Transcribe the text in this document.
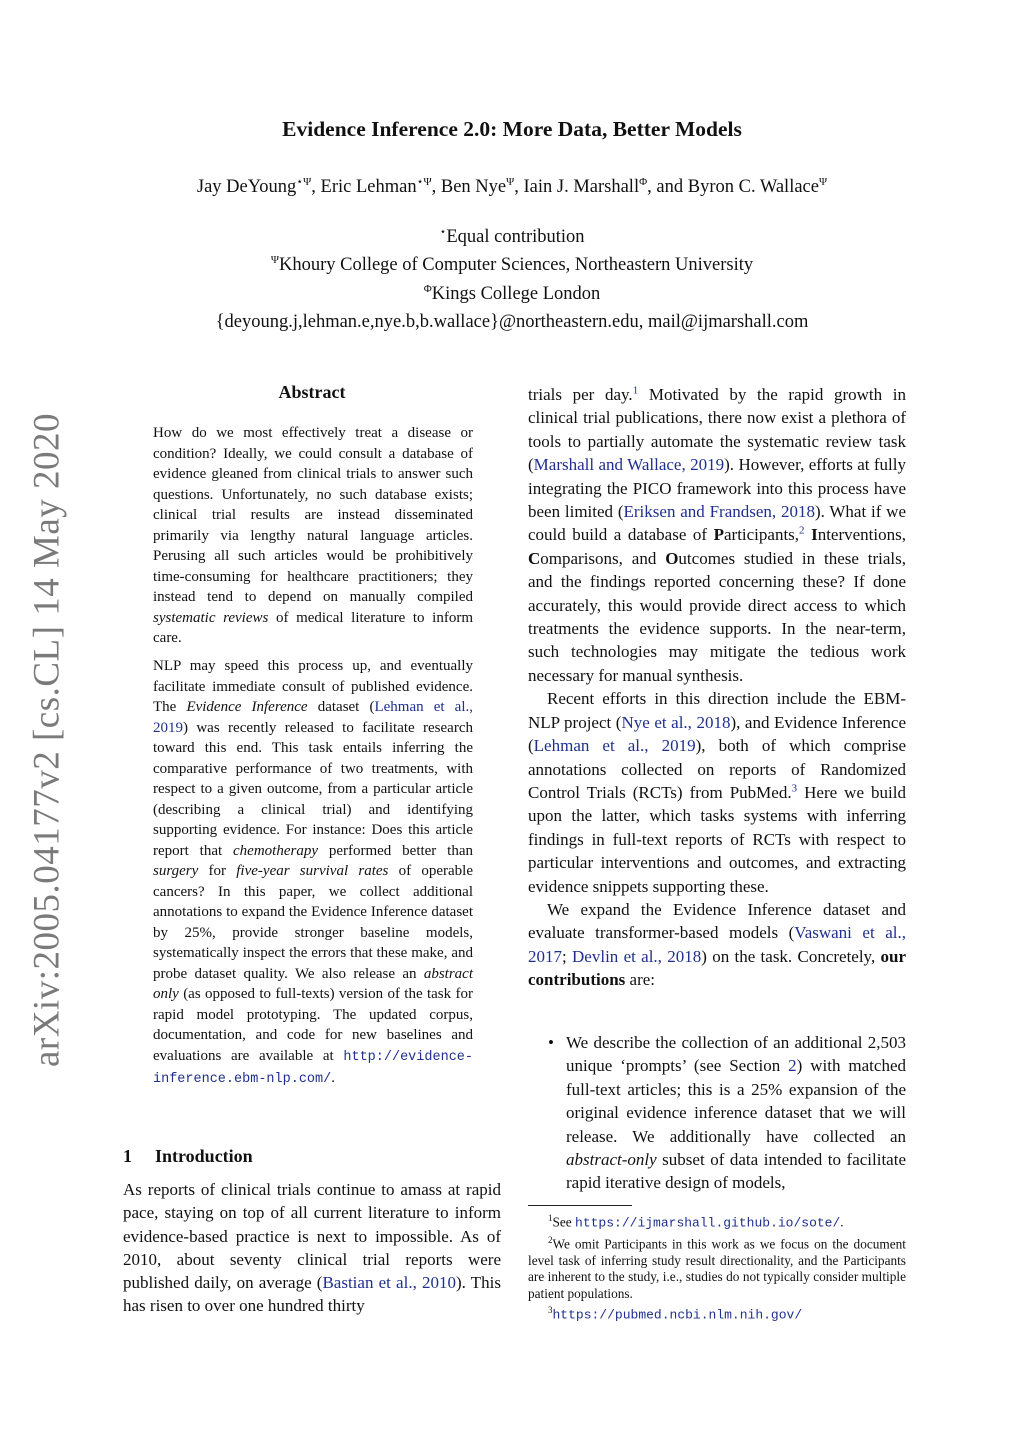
arXiv:2005.04177v2 [cs.CL] 14 May 2020
Evidence Inference 2.0: More Data, Better Models
Jay DeYoung$^{⋆\Psi}$, Eric Lehman$^{⋆\Psi}$, Ben Nye$^\Psi$, Iain J. Marshall$^\Phi$, and Byron C. Wallace$^\Psi$
⋆Equal contribution
$^\Psi$Khoury College of Computer Sciences, Northeastern University
$^\Phi$Kings College London
{deyoung.j,lehman.e,nye.b,b.wallace}@northeastern.edu, mail@ijmarshall.com
Abstract

How do we most effectively treat a disease or condition? Ideally, we could consult a database of evidence gleaned from clinical trials to answer such questions. Unfortunately, no such database exists; clinical trial results are instead disseminated primarily via lengthy natural language articles. Perusing all such articles would be prohibitively time-consuming for healthcare practitioners; they instead tend to depend on manually compiled systematic reviews of medical literature to inform care.

NLP may speed this process up, and eventually facilitate immediate consult of published evidence. The Evidence Inference dataset (Lehman et al., 2019) was recently released to facilitate research toward this end. This task entails inferring the comparative performance of two treatments, with respect to a given outcome, from a particular article (describing a clinical trial) and identifying supporting evidence. For instance: Does this article report that chemotherapy performed better than surgery for five-year survival rates of operable cancers? In this paper, we collect additional annotations to expand the Evidence Inference dataset by 25%, provide stronger baseline models, systematically inspect the errors that these make, and probe dataset quality. We also release an abstract only (as opposed to full-texts) version of the task for rapid model prototyping. The updated corpus, documentation, and code for new baselines and evaluations are available at http://evidence-inference.ebm-nlp.com/.

1 Introduction

As reports of clinical trials continue to amass at rapid pace, staying on top of all current literature to inform evidence-based practice is next to impossible. As of 2010, about seventy clinical trial reports were published daily, on average (Bastian et al., 2010). This has risen to over one hundred thirty

trials per day.$^1$ Motivated by the rapid growth in clinical trial publications, there now exist a plethora of tools to partially automate the systematic review task (Marshall and Wallace, 2019). However, efforts at fully integrating the PICO framework into this process have been limited (Eriksen and Frandsen, 2018). What if we could build a database of Participants,$^2$ Interventions, Comparisons, and Outcomes studied in these trials, and the findings reported concerning these? If done accurately, this would provide direct access to which treatments the evidence supports. In the near-term, such technologies may mitigate the tedious work necessary for manual synthesis.

Recent efforts in this direction include the EBM-NLP project (Nye et al., 2018), and Evidence Inference (Lehman et al., 2019), both of which comprise annotations collected on reports of Randomized Control Trials (RCTs) from PubMed.$^3$ Here we build upon the latter, which tasks systems with inferring findings in full-text reports of RCTs with respect to particular interventions and outcomes, and extracting evidence snippets supporting these.

We expand the Evidence Inference dataset and evaluate transformer-based models (Vaswani et al., 2017; Devlin et al., 2018) on the task. Concretely, our contributions are:

• We describe the collection of an additional 2,503 unique ‘prompts’ (see Section 2) with matched full-text articles; this is a 25% expansion of the original evidence inference dataset that we will release. We additionally have collected an abstract-only subset of data intended to facilitate rapid iterative design of models,

$^1$See https://ijmarshall.github.io/sote/.

$^2$We omit Participants in this work as we focus on the document level task of inferring study result directionality, and the Participants are inherent to the study, i.e., studies do not typically consider multiple patient populations.

$^3$https://pubmed.ncbi.nlm.nih.gov/
